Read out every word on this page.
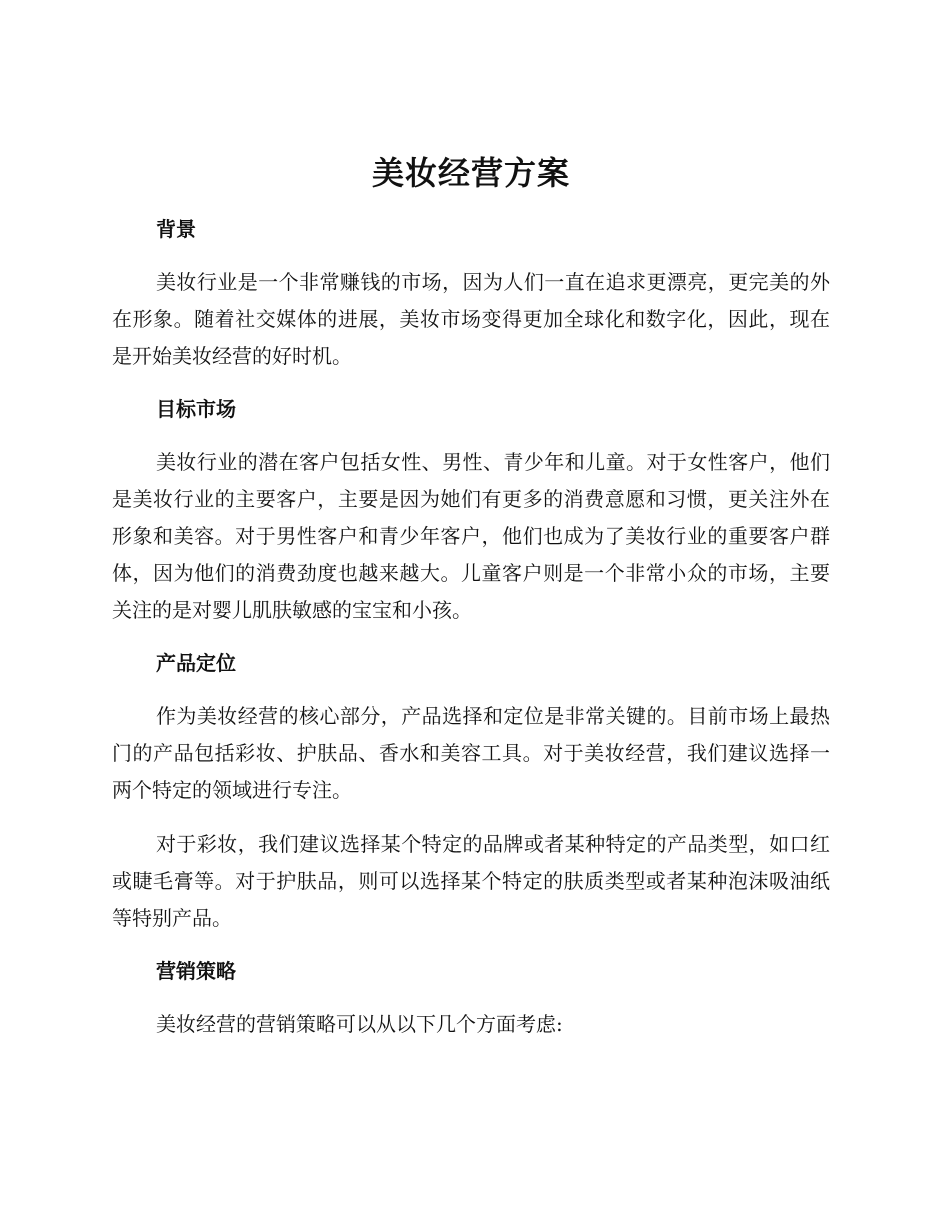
美妆经营方案
背景

美妆行业是一个非常赚钱的市场，因为人们一直在追求更漂亮，更完美的外在形象。随着社交媒体的进展，美妆市场变得更加全球化和数字化，因此，现在是开始美妆经营的好时机。

目标市场

美妆行业的潜在客户包括女性、男性、青少年和儿童。对于女性客户，他们是美妆行业的主要客户，主要是因为她们有更多的消费意愿和习惯，更关注外在形象和美容。对于男性客户和青少年客户，他们也成为了美妆行业的重要客户群体，因为他们的消费劲度也越来越大。儿童客户则是一个非常小众的市场，主要关注的是对婴儿肌肤敏感的宝宝和小孩。

产品定位

作为美妆经营的核心部分，产品选择和定位是非常关键的。目前市场上最热门的产品包括彩妆、护肤品、香水和美容工具。对于美妆经营，我们建议选择一两个特定的领域进行专注。

对于彩妆，我们建议选择某个特定的品牌或者某种特定的产品类型，如口红或睫毛膏等。对于护肤品，则可以选择某个特定的肤质类型或者某种泡沫吸油纸等特别产品。

营销策略

美妆经营的营销策略可以从以下几个方面考虑:
